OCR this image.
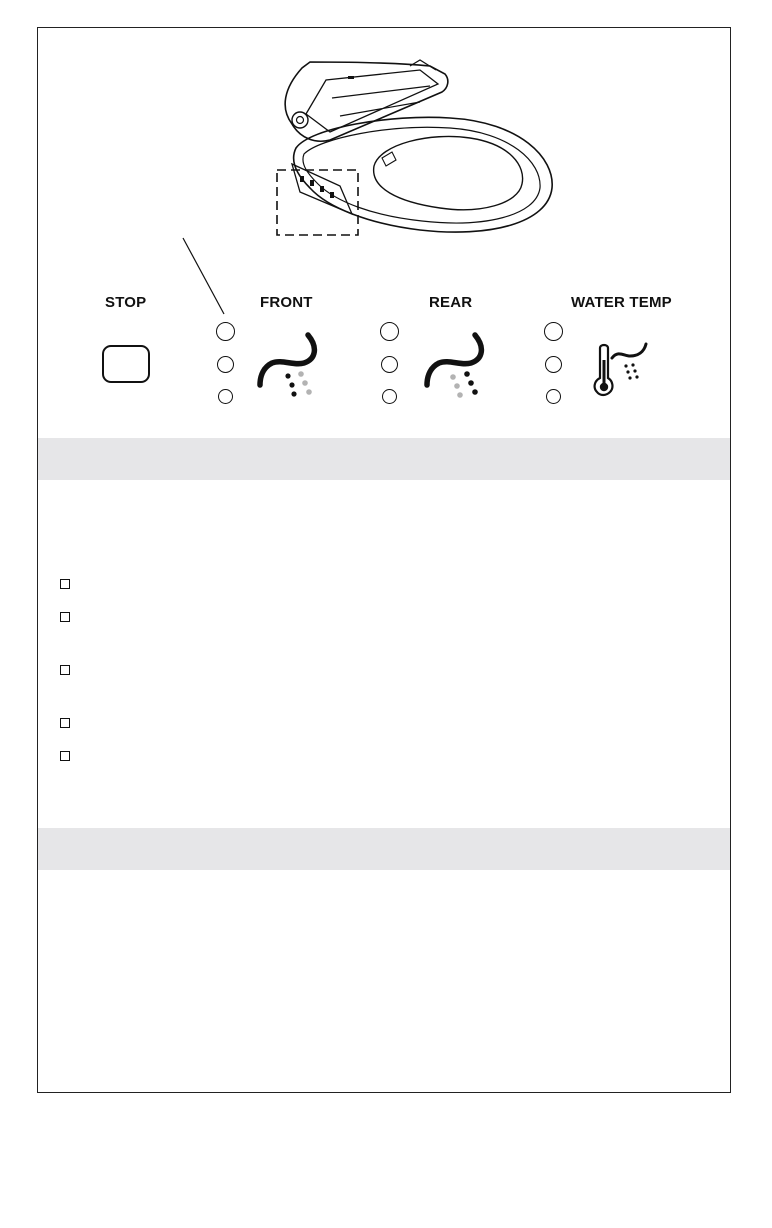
STOP	FRONT	REAR	WATER TEMP
